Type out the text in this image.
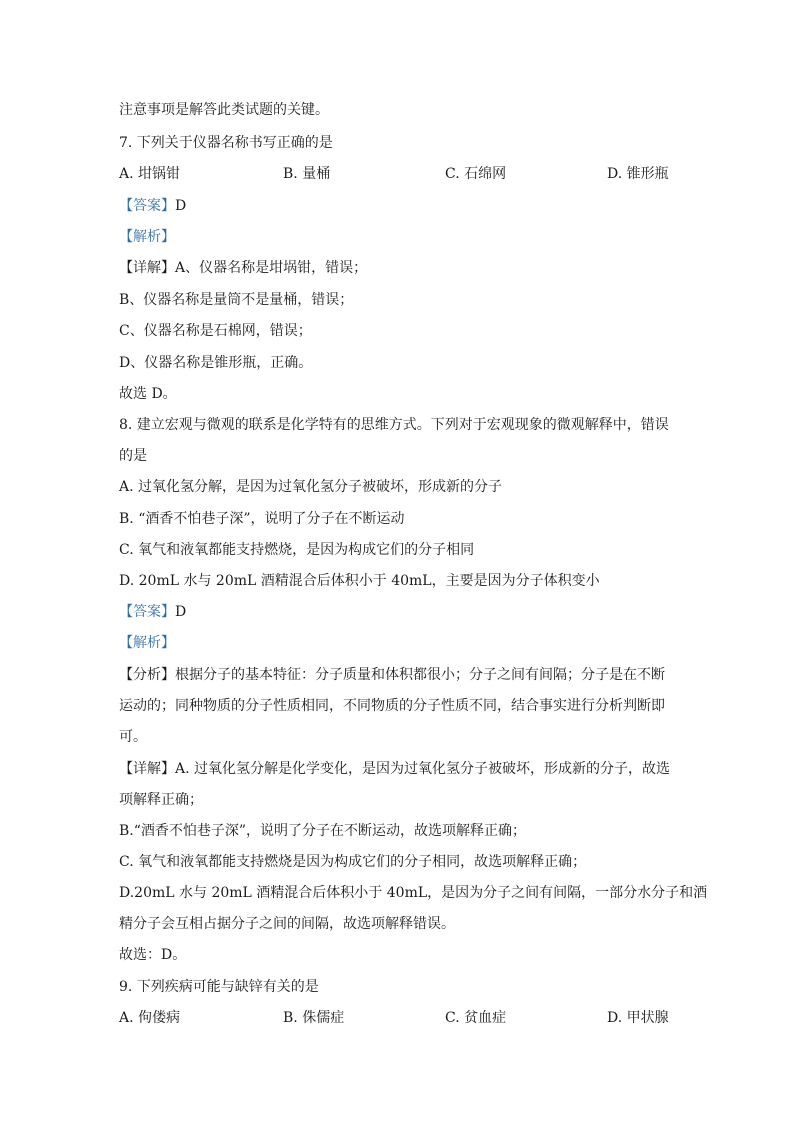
注意事项是解答此类试题的关键。
7. 下列关于仪器名称书写正确的是
A. 坩锅钳	B. 量桶	C. 石绵网	D. 锥形瓶
【答案】D
【解析】
【详解】A、仪器名称是坩埚钳，错误；
B、仪器名称是量筒不是量桶，错误；
C、仪器名称是石棉网，错误；
D、仪器名称是锥形瓶，正确。
故选 D。
8. 建立宏观与微观的联系是化学特有的思维方式。下列对于宏观现象的微观解释中，错误
的是
A. 过氧化氢分解，是因为过氧化氢分子被破坏，形成新的分子
B. “酒香不怕巷子深”，说明了分子在不断运动
C. 氧气和液氧都能支持燃烧，是因为构成它们的分子相同
D. 20mL 水与 20mL 酒精混合后体积小于 40mL，主要是因为分子体积变小
【答案】D
【解析】
【分析】根据分子的基本特征：分子质量和体积都很小；分子之间有间隔；分子是在不断
运动的；同种物质的分子性质相同，不同物质的分子性质不同，结合事实进行分析判断即
可。
【详解】A. 过氧化氢分解是化学变化，是因为过氧化氢分子被破坏，形成新的分子，故选
项解释正确；
B.“酒香不怕巷子深”，说明了分子在不断运动，故选项解释正确；
C. 氧气和液氧都能支持燃烧是因为构成它们的分子相同，故选项解释正确；
D.20mL 水与 20mL 酒精混合后体积小于 40mL，是因为分子之间有间隔，一部分水分子和酒
精分子会互相占据分子之间的间隔，故选项解释错误。
故选：D。
9. 下列疾病可能与缺锌有关的是
A. 佝偻病	B. 侏儒症	C. 贫血症	D. 甲状腺
